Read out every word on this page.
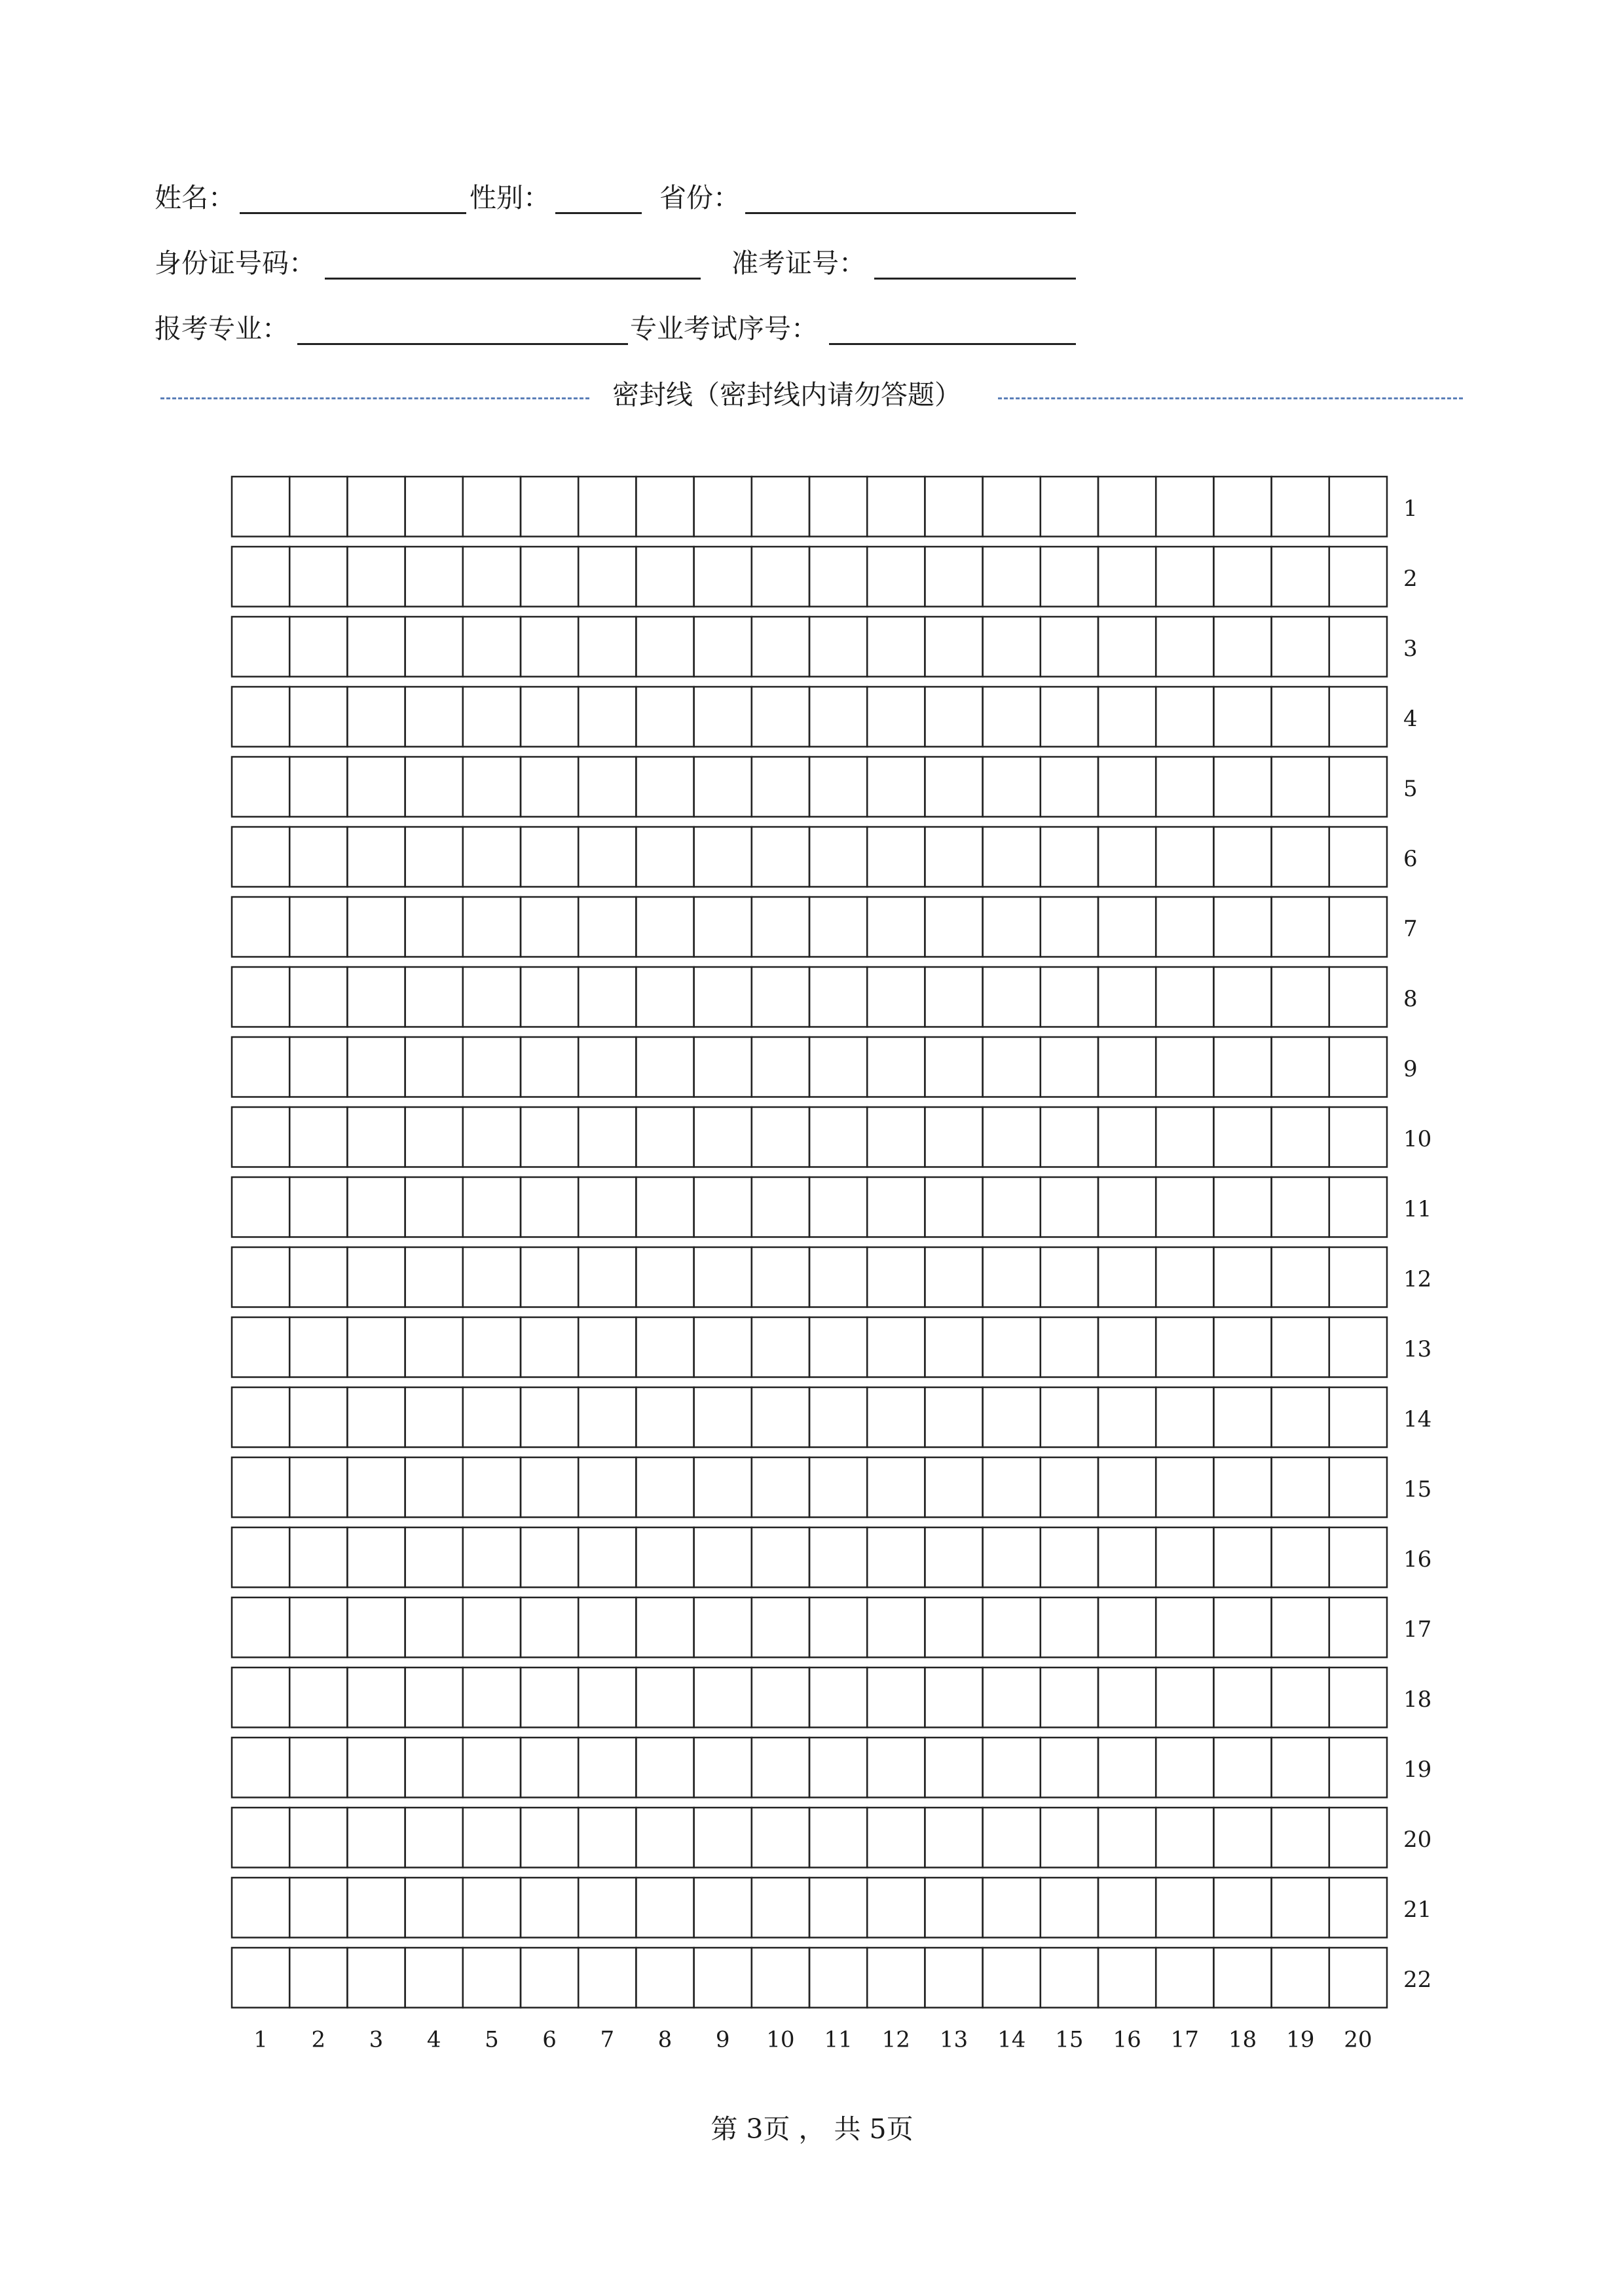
姓名：	性别：	省份：
身份证号码：	准考证号：
报考专业：	专业考试序号：
密封线（密封线内请勿答题）
1
2
3
4
5
6
7
8
9
10
11
12
13
14
15
16
17
18
19
20
21
22
1 2 3 4 5 6 7 8 9 10 11 12 13 14 15 16 17 18 19 20
第 3页 ， 共 5页
